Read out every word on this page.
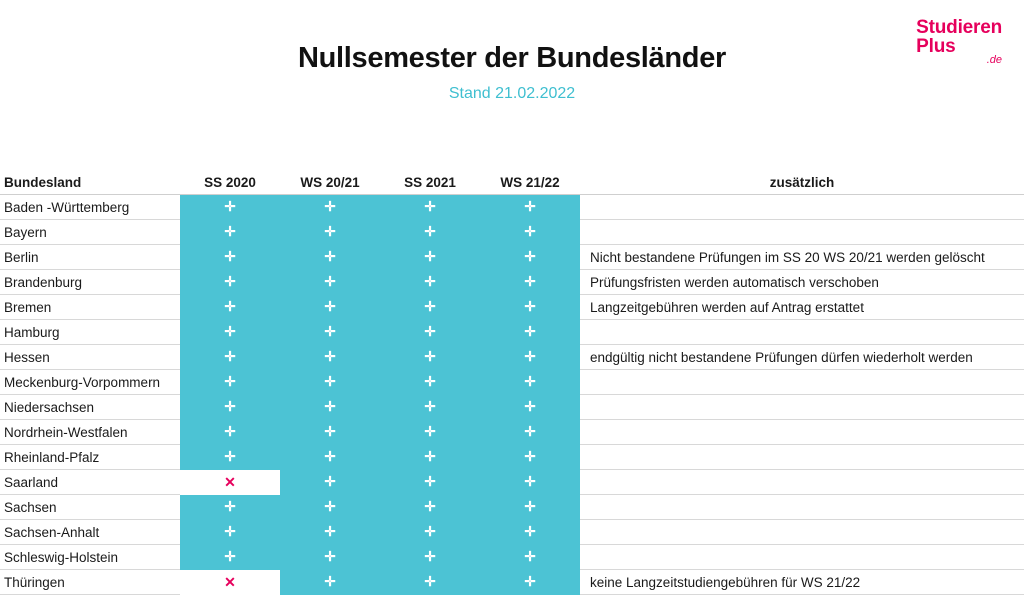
Studieren
Plus
.de
Nullsemester der Bundesländer
Stand 21.02.2022
Bundesland	SS 2020	WS 20/21	SS 2021	WS 21/22	zusätzlich
Baden -Württemberg	✛	✛	✛	✛	
Bayern	✛	✛	✛	✛	
Berlin	✛	✛	✛	✛	Nicht bestandene Prüfungen im SS 20 WS 20/21 werden gelöscht
Brandenburg	✛	✛	✛	✛	Prüfungsfristen werden automatisch verschoben
Bremen	✛	✛	✛	✛	Langzeitgebühren werden auf Antrag erstattet
Hamburg	✛	✛	✛	✛	
Hessen	✛	✛	✛	✛	endgültig nicht bestandene Prüfungen dürfen wiederholt werden
Meckenburg-Vorpommern	✛	✛	✛	✛	
Niedersachsen	✛	✛	✛	✛	
Nordrhein-Westfalen	✛	✛	✛	✛	
Rheinland-Pfalz	✛	✛	✛	✛	
Saarland	✕	✛	✛	✛	
Sachsen	✛	✛	✛	✛	
Sachsen-Anhalt	✛	✛	✛	✛	
Schleswig-Holstein	✛	✛	✛	✛	
Thüringen	✕	✛	✛	✛	keine Langzeitstudiengebühren für WS 21/22
